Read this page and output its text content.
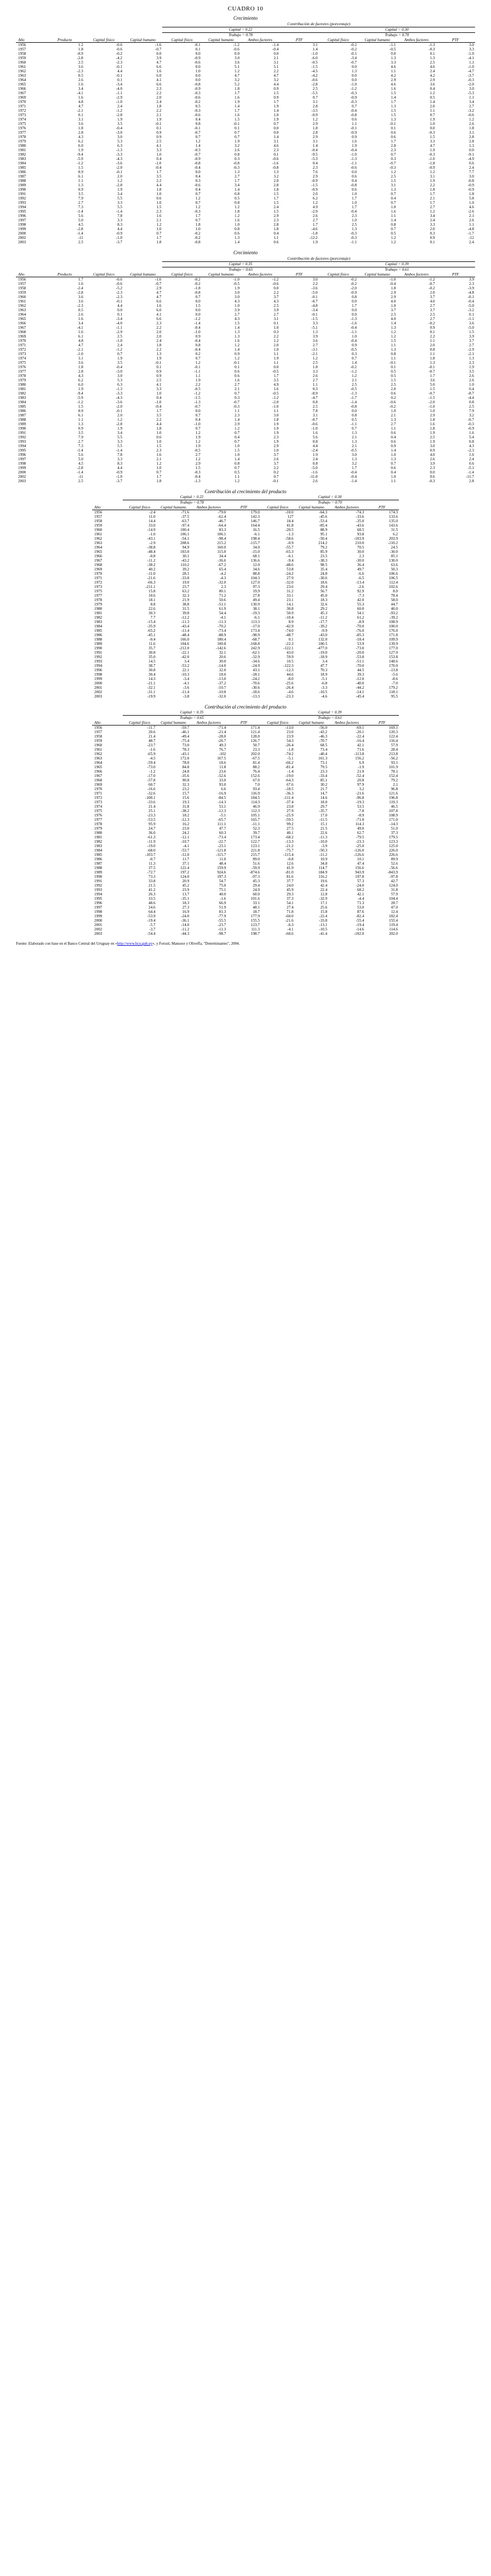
CUADRO 10
Crecimiento
				Contribución de factores (porcentaje)							
				Capital = 0.22				Capital = 0.30			
				Trabajo = 0.78				Trabajo = 0.70			
Año	Producto	Capital físico	Capital humano	Capital físico	Capital humano	Ambos factores	PTF	Capital físico	Capital humano	Ambos factores	PTF
1956	1.2	-0.6	-1.6	-0.1	-1.2	-1.4	3.1	-0.2	-1.1	-1.3	3.0
1957	1.8	-0.6	-0.7	0.1	-0.6	-0.4	1.4	-0.2	-0.5	-0.3	3.3
1958	-0.9	-0.2	0.0	0.0	0.0	0.0	-1.0	-0.1	0.0	0.1	-1.0
1959	-2.8	-4.2	3.9	-0.9	3.0	2.1	-6.0	-3.4	1.3	1.3	-4.1
1960	2.5	-2.3	4.7	-0.6	3.6	3.1	-0.5	-0.7	3.3	2.5	1.1
1961	3.6	-0.1	6.6	0.0	5.1	5.1	-1.5	0.0	4.6	4.6	-1.0
1962	-2.3	4.4	1.6	1.0	1.2	2.2	-4.5	1.3	1.1	2.4	-4.7
1963	0.5	-0.1	6.0	0.0	4.7	4.7	-4.2	0.0	4.2	4.2	-3.7
1964	2.6	0.1	4.1	0.0	3.2	3.2	-0.6	0.0	2.9	2.9	-0.3
1965	1.6	-3.4	6.6	-0.8	5.2	4.4	-2.8	-1.0	4.6	3.6	-2.0
1966	3.4	-4.0	2.3	-0.9	1.8	0.9	2.5	-1.2	1.6	0.4	3.0
1967	-4.1	-1.1	2.2	-0.3	1.7	1.5	-5.5	-0.3	1.5	1.2	-5.3
1969	1.6	-2.9	2.0	-0.6	1.6	0.9	0.7	-0.9	1.4	0.5	1.1
1970	4.8	-1.0	2.4	-0.2	1.9	1.7	3.1	-0.3	1.7	1.4	3.4
1971	4.7	2.4	1.8	0.5	1.4	1.9	2.8	0.7	1.3	2.0	2.7
1972	-2.1	-1.2	2.2	-0.3	1.7	1.4	-3.5	-0.4	1.5	1.1	-3.2
1973	0.1	-2.8	2.1	-0.6	1.6	1.0	-0.9	-0.8	1.5	0.7	-0.6
1974	3.1	1.9	1.9	0.4	1.5	1.9	1.2	0.6	1.3	1.9	1.2
1975	3.6	3.5	-0.1	0.8	-0.1	0.7	2.9	1.1	-0.1	1.0	2.6
1976	1.8	-0.4	0.1	-0.1	0.1	0.0	1.8	-0.1	0.1	0.0	1.8
1977	2.8	-3.0	0.9	-0.7	0.7	0.0	2.8	-0.9	0.6	-0.3	3.1
1978	4.3	3.0	0.9	0.7	0.7	1.4	2.9	0.9	0.6	1.5	2.8
1979	6.2	5.3	2.5	1.2	1.9	3.1	3.1	1.6	1.7	3.3	2.8
1980	6.0	6.3	4.1	1.4	3.2	4.6	1.4	1.9	2.8	4.7	1.3
1981	1.9	-1.3	3.3	-0.3	2.6	2.3	-0.4	-0.4	2.3	1.9	0.0
1982	-9.4	-3.3	1.0	-0.7	0.8	0.1	-9.5	-1.0	0.7	-0.3	-9.1
1983	-5.9	-4.3	0.4	-0.9	0.3	-0.6	-5.3	-1.3	0.3	-1.0	-4.9
1984	-1.2	-3.6	-1.0	-0.8	-0.8	-1.6	0.4	-1.1	-0.7	-1.8	0.6
1985	1.5	-2.0	-0.4	-0.4	-0.3	-0.8	2.3	-0.6	-0.3	-0.9	2.4
1986	8.9	-0.1	1.7	0.0	1.3	1.3	7.6	0.0	1.2	1.2	7.7
1987	6.1	2.0	3.5	0.4	2.7	3.2	2.9	0.6	2.5	3.1	3.0
1988	1.1	1.2	2.2	0.3	1.7	2.0	-0.9	0.4	1.5	1.9	-0.8
1989	1.3	-2.8	4.4	-0.6	3.4	2.8	-1.5	-0.8	3.1	2.2	-0.9
1990	0.9	1.9	1.8	0.4	1.4	1.8	-0.9	0.6	1.3	1.8	-0.9
1991	3.5	3.4	1.0	0.7	0.8	1.5	2.0	1.0	0.7	1.7	1.8
1992	7.9	5.5	0.6	1.2	0.5	1.7	6.2	1.7	0.4	2.1	5.8
1993	2.7	3.3	1.0	0.7	0.8	1.5	1.2	1.0	0.7	1.7	1.0
1994	7.3	5.5	1.5	1.2	1.2	2.4	4.9	1.7	1.0	2.7	4.6
1995	-1.4	-1.4	2.3	-0.3	1.8	1.5	-2.9	-0.4	1.6	1.2	-2.6
1996	5.6	7.8	1.6	1.7	1.2	2.9	2.6	2.3	1.1	3.4	2.1
1997	5.0	3.3	2.1	0.7	1.6	2.3	2.7	1.0	1.4	2.4	2.6
1998	4.5	8.3	1.2	1.8	1.0	2.8	1.7	2.5	0.8	3.3	1.1
1999	-2.8	4.4	1.0	1.0	0.8	1.8	-4.6	1.3	0.7	2.0	-4.8
2000	-1.4	-0.9	0.7	-0.2	0.6	0.4	-1.8	-0.3	0.5	0.3	-1.7
2002	-11	-1.0	1.7	-0.2	1.3	1.1	-12.2	-0.3	1.2	0.9	-12
2003	2.5	-3.7	1.8	-0.8	1.4	0.6	1.9	-1.1	1.2	0.1	2.4
Crecimiento
				Contribución de factores (porcentaje)							
				Capital = 0.35				Capital = 0.39			
				Trabajo = 0.65				Trabajo = 0.61			
Año	Producto	Capital físico	Capital humano	Capital físico	Capital humano	Ambos factores	PTF	Capital físico	Capital humano	Ambos factores	PTF
1956	1.7	-0.6	-1.6	-0.2	-1.0	-1.2	3.0	-0.2	-1.0	-1.2	3.9
1957	1.6	-0.6	-0.7	-0.2	-0.5	-0.6	2.2	-0.2	-0.4	-0.7	2.3
1958	-2.4	-5.2	2.9	-1.8	1.9	0.0	-3.6	-2.0	1.8	-0.2	-3.9
1959	-2.8	-2.3	4.7	-0.8	3.0	2.2	-5.0	-0.9	2.9	2.0	-4.8
1960	3.6	-2.3	4.7	0.7	3.0	3.7	-0.1	0.8	2.9	3.7	-0.1
1961	3.6	-0.1	6.6	0.0	4.3	4.3	-0.7	0.0	4.0	4.0	-0.4
1962	-2.3	4.4	1.6	1.5	1.0	2.5	-4.8	1.7	1.0	2.7	-5.0
1963	0.5	0.0	6.0	0.0	3.9	3.9	-3.4	0.0	3.7	3.7	-3.2
1964	2.6	0.1	4.1	0.0	2.7	2.7	-0.1	0.0	2.5	2.5	0.1
1965	1.6	-3.4	6.6	-1.2	4.3	3.1	-1.5	-1.3	4.0	2.7	-1.1
1966	3.4	-4.0	2.3	-1.4	1.5	0.1	3.3	-1.6	1.4	-0.2	3.6
1967	-4.1	-1.1	2.2	-0.4	1.4	1.0	-5.1	-0.4	1.3	0.9	-5.0
1968	1.6	-2.9	2.0	-1.0	1.3	0.3	1.3	-1.1	1.2	0.1	1.5
1969	6.1	2.5	2.0	0.9	1.3	2.2	3.9	1.0	1.2	2.2	3.9
1970	4.8	-1.0	2.4	-0.4	1.6	1.2	3.6	-0.4	1.5	1.1	3.7
1971	4.7	2.4	1.8	0.8	1.2	2.0	2.7	0.9	1.1	2.0	2.7
1972	-2.1	-1.2	2.2	-0.4	1.4	1.0	-3.1	-0.5	1.3	0.8	-2.9
1973	-1.0	0.7	1.3	0.2	0.9	1.1	-2.1	0.3	0.8	1.1	-2.1
1974	3.1	1.9	1.9	0.7	1.2	1.9	1.2	0.7	1.1	1.8	1.3
1975	3.6	3.5	-0.1	1.2	-0.1	1.1	2.5	1.4	-0.1	1.3	2.3
1976	1.8	-0.4	0.1	-0.1	0.1	0.0	1.8	-0.2	0.1	-0.1	1.9
1977	2.8	-3.0	0.9	-1.1	0.6	-0.5	3.3	-1.2	0.5	-0.7	3.5
1978	4.3	3.0	0.9	1.1	0.6	1.7	2.6	1.2	0.5	1.7	2.6
1979	6.2	5.3	2.5	1.9	1.6	3.5	2.7	2.1	1.5	3.6	2.6
1980	6.0	6.3	4.1	2.2	2.7	4.9	1.1	2.5	2.5	5.0	1.0
1981	1.9	-1.3	3.3	-0.5	2.1	1.6	0.3	-0.5	2.0	1.5	0.4
1982	-9.4	-3.3	1.0	-1.2	0.7	-0.5	-8.9	-1.3	0.6	-0.7	-8.7
1983	-5.9	-4.3	0.4	-1.5	0.3	-1.2	-4.7	-1.7	0.2	-1.5	-4.4
1984	-1.2	-3.6	-1.0	-1.3	-0.7	-2.0	0.8	-1.4	-0.6	-2.0	0.8
1985	1.5	-2.0	-0.4	-0.7	-0.3	-1.0	2.5	-0.8	-0.2	-1.0	2.5
1986	8.9	-0.1	1.7	0.0	1.1	1.1	7.8	0.0	1.0	1.0	7.9
1987	6.1	2.0	3.5	0.7	2.3	3.0	3.1	0.8	2.1	2.9	3.2
1988	1.1	1.2	2.2	0.4	1.4	1.8	-0.7	0.5	1.3	1.8	-0.7
1989	1.3	-2.8	4.4	-1.0	2.9	1.9	-0.6	-1.1	2.7	1.6	-0.3
1990	0.9	1.9	1.8	0.7	1.2	1.9	-1.0	0.7	1.1	1.8	-0.9
1991	3.5	3.4	1.0	1.2	0.7	1.9	1.6	1.3	0.6	1.9	1.6
1992	7.9	5.5	0.6	1.9	0.4	2.3	5.6	2.1	0.4	2.5	5.4
1993	2.7	3.3	1.0	1.2	0.7	1.9	0.8	1.3	0.6	1.9	0.8
1994	7.3	5.5	1.5	1.9	1.0	2.9	4.4	2.1	0.9	3.0	4.3
1995	-1.4	-1.4	2.3	-0.5	1.5	1.0	-2.4	-0.5	1.4	0.9	-2.3
1996	5.6	7.8	1.6	2.7	1.0	3.7	1.9	3.0	1.0	4.0	1.6
1997	5.0	3.3	2.1	1.2	1.4	2.6	2.4	1.3	1.3	2.6	2.4
1998	4.5	8.3	1.2	2.9	0.8	3.7	0.8	3.2	0.7	3.9	0.6
1999	-2.8	4.4	1.0	1.5	0.7	2.2	-5.0	1.7	0.6	2.3	-5.1
2000	-1.4	-0.9	0.7	-0.3	0.5	0.2	-1.6	-0.4	0.4	0.0	-1.4
2002	-11	-1.0	1.7	-0.4	1.1	0.7	-11.8	-0.4	1.0	0.6	-11.7
2003	2.5	-3.7	1.8	-1.3	1.2	-0.1	2.6	-1.4	1.1	-0.3	2.8
Contribución al crecimiento del producto
	Capital = 0.22				Capital = 0.30			
	Trabajo = 0.78				Trabajo = 0.70			
Año	Capital físico	Capital humano	Ambos factores	PTF	Capital físico	Capital humano	Ambos factores	PTF
1956	-2.4	-71.6	-79.0	179.0	-10.0	-64.3	-74.3	174.3
1957	11.0	-37.5	-62.4	142.3	127	-45.6	-33.6	133.6
1958	14.4	-63.7	-46.7	146.7	18.4	-53.4	-35.0	135.0
1959	33.0	-97.4	-64.4	164.4	41.8	-85.4	-43.6	143.6
1960	-14.9	100.4	83.3	16.5	-20.5	88.9	68.5	31.5
1961	-1.0	106.1	106.1	-6.1	-1.3	95.1	93.8	6.2
1962	-43.1	-54.1	-98.4	198.4	-58.6	-50.4	-103.9	203.9
1963	-2.9	208.6	215.2	-115.7	-0.9	214.2	210.0	-110.2
1964	-38.8	94.9	160.0	34.0	-55.7	79.2	70.5	24.5
1965	-48.4	103.0	115.0	-15.0	-65.3	85.9	30.0	-30.0
1966	-0.8	30.1	34.4	68.1	-6.1	23.5	2.3	85.1
1967	-11.2	-43.2	-36.6	136.6	-9.4	-38.3	-30.0	130.0
1968	-38.2	110.2	-67.2	12.0	-48.6	98.5	36.4	63.6
1969	40.2	39.2	65.4	34.6	53.8	35.4	49.7	50.3
1970	-11.0	28.1	-4.2	88.8	-24.2	24.8	-6.6	106.6
1971	-21.6	-33.8	-4.3	104.3	27.9	-30.6	-6.5	106.5
1972	-66.3	19.0	-32.0	127.0	-32.0	18.6	-13.4	112.4
1973	-211.1	23.7	2.3	97.3	23.6	29.4	-2.6	102.6
1975	15.8	63.2	80.1	19.9	31.2	56.7	92.9	8.0
1977	10.6	32.3	71.2	27.8	33.1	45.0	-7.3	78.4
1978	18.1	21.9	50.6	49.4	23.1	18.3	42.0	58.0
1979	8.8	38.8	-51.1	130.9	14.1	32.6	55.3	44.7
1980	22.6	31.5	61.9	38.1	30.8	29.2	60.0	40.0
1981	30.3	39.8	54.4	-19.3	50.9	45.3	54.1	-93.2
1982	7.7	-12.2	-4.1	-6.1	-10.4	-11.2	61.2	-39.2
1983	-15.4	-11.3	-11.3	113.3	8.9	-17.7	-8.9	108.9
1984	-35.9	-43.4	-70.2	-17.0	-42.9	-39.2	-70.0	100.0
1985	-65.2	-11.4	-73.4	173.4	-74.0	-9.9	-76.0	176.0
1986	-45.1	-48.4	-88.9	-98.9	-48.7	-43.0	-85.3	171.8
1988	-0.4	166.0	180.4	-68.7	0.1	132.0	-18.4	109.9
1989	11.6	104.6	100.8	-168.8	-22.3	100.5	53.9	139.9
1990	35.7	-212.0	-142.6	242.9	-122.1	-477.0	-73.0	177.0
1991	30.8	-22.1	32.1	-62.1	43.0	-19.0	-20.0	127.0
1992	35.0	-42.0	20.6	-32.9	59.9	-18.9	-53.8	153.8
1993	14.5	3.4	30.0	-34.6	10.5	3.4	-51.1	148.6
1994	38.7	-53.2	-14.0	-24.9	-122.3	47.7	-70.0	170.0
1996	30.8	22.1	32.0	43.1	-12.3	70.3	44.5	-13.8
1998	30.4	-10.3	18.0	-18.1	44.6	18.9	39.3	-5.6
1999	14.3	-3.4	-13.0	-24.2	-8.0	-5.1	-12.0	-8.6
2000	-21.1	-4.1	-37.2	-70.6	-25.6	-6.8	-40.0	-7.0
2001	-32.1	-3.6	-10.7	-30.6	-26.4	-3.3	-44.2	179.2
2002	-31.1	-11.4	-10.8	-18.6	-4.6	-10.5	-14.1	118.1
2003	-19.9	-3.8	-32.0	-13.3	-23.3	-4.6	-45.4	95.5
Contribución al crecimiento del producto
	Capital = 0.35				Capital = 0.39			
	Trabajo = 0.65				Trabajo = 0.61			
Año	Capital físico	Capital humano	Ambos factores	PTF	Capital físico	Capital humano	Ambos factores	PTF
1956	-11.7	-59.7	-71.4	171.4	-13.0	-56.0	-69.1	169.1
1957	20.6	-46.1	-21.4	121.4	23.0	-43.2	-20.1	120.3
1958	21.4	-49.4	-28.0	128.0	23.9	-46.3	-22.4	122.4
1959	48.7	-75.4	-26.7	126.7	54.3	-70.7	-16.4	116.4
1960	-23.7	73.0	49.3	50.7	-26.4	68.5	42.1	57.9
1961	-1.6	78.3	76.7	23.3	-1.8	73.4	71.6	28.4
1962	-65.9	-43.1	-102	202.0	-74.2	-40.4	-113.8	213.8
1963	-4.5	172.0	167.5	-67.5	-5.1	161.3	156.2	-56.2
1964	-59.4	78.0	18.6	81.4	-66.2	73.1	6.9	93.1
1965	-73.0	84.8	11.8	88.2	-81.4	79.5	-1.9	101.9
1966	-1.2	24.8	23.6	76.4	-1.4	23.3	21.9	78.1
1967	-17.0	-35.6	-52.6	152.6	-19.0	-33.4	-52.4	152.4
1968	-57.8	90.8	33.0	67.0	-64.3	85.1	20.8	79.2
1969	60.7	32.3	93.0	7.0	67.6	30.2	97.9	2.1
1970	-16.6	23.2	6.6	93.4	-18.5	21.7	3.2	96.8
1971	-32.6	15.7	-16.9	116.9	-36.3	14.7	-21.6	121.6
1972	-100.1	15.6	-84.5	184.5	-111.4	14.6	-96.8	196.8
1973	-33.6	19.3	-14.3	114.3	-37.4	18.0	-19.3	119.3
1974	21.4	31.8	53.1	46.9	23.8	29.7	53.5	46.5
1975	25.1	-38.2	-12.3	112.3	27.9	-35.7	-7.8	107.8
1976	-23.3	18.2	-5.1	105.1	-25.9	17.0	-8.9	108.9
1977	-53.5	-12.3	-65.7	165.7	-59.5	-11.5	-71.0	171.0
1978	95.9	16.2	111.1	-11.1	99.2	15.1	114.3	-14.3
1979	24.7	23.0	47.7	52.3	27.5	21.5	49.0	51.0
1980	36.0	24.2	60.3	39.7	40.1	22.6	62.7	37.3
1981	-61.3	-12.1	-73.4	173.4	-68.2	-11.3	-79.5	179.5
1982	-11.9	-10.7	-22.7	122.7	-13.3	-10.0	-23.3	123.3
1983	-19.0	-4.1	-23.1	123.1	-21.2	-3.9	-25.0	125.0
1984	-68.0	-53.7	-121.8	221.8	-75.7	-50.3	-126.0	226.0
1985	-103.7	-12.0	-115.7	215.7	-115.4	-11.2	-126.6	226.6
1986	-0.7	11.7	11.0	89.0	-0.8	10.9	10.1	89.9
1987	11.3	37.1	48.4	51.6	12.6	34.8	47.4	52.6
1988	37.5	122.4	159.9	-59.9	41.9	114.7	156.6	-56.6
1989	-72.7	197.2	924.6	-874.6	-81.0	184.9	943.9	-843.9
1990	73.3	124.0	197.3	-97.3	81.6	116.2	197.8	-97.8
1991	33.8	20.9	54.7	45.3	37.7	19.6	57.3	42.7
1992	21.5	45.2	75.0	29.4	24.0	42.4	-24.0	124.0
1993	41.2	23.9	75.1	24.9	45.9	22.4	68.2	31.8
1994	26.3	13.7	40.0	60.0	29.3	12.8	42.1	57.9
1995	33.5	-35.1	-1.6	101.6	37.3	-32.9	-4.4	104.4
1996	48.6	18.3	66.9	33.1	54.1	17.1	71.3	28.7
1997	24.6	27.3	51.9	48.1	27.4	25.6	53.0	47.0
1998	64.4	16.9	81.3	18.7	71.8	15.8	87.6	12.4
1999	-53.9	-24.0	-77.9	177.9	-60.0	-22.4	-82.4	182.4
2000	-19.4	-36.1	-55.5	155.5	-21.6	-33.8	-55.4	155.4
2001	-5.7	-14.0	-23.7	123.7	-6.3	-13.1	-19.4	119.4
2002	-3.7	-11.2	-11.3	111.3	-4.1	-10.5	-14.6	114.6
2003	-54.4	-44.3	-98.7	198.7	-60.6	-41.4	-102.0	202.0
Fuente: Elaborado con base en el Banco Central del Uruguay en «http://www.bcu.gub.uy», y Forssti, Mansoor y Oliveffa, "Determinantes", 2004.
